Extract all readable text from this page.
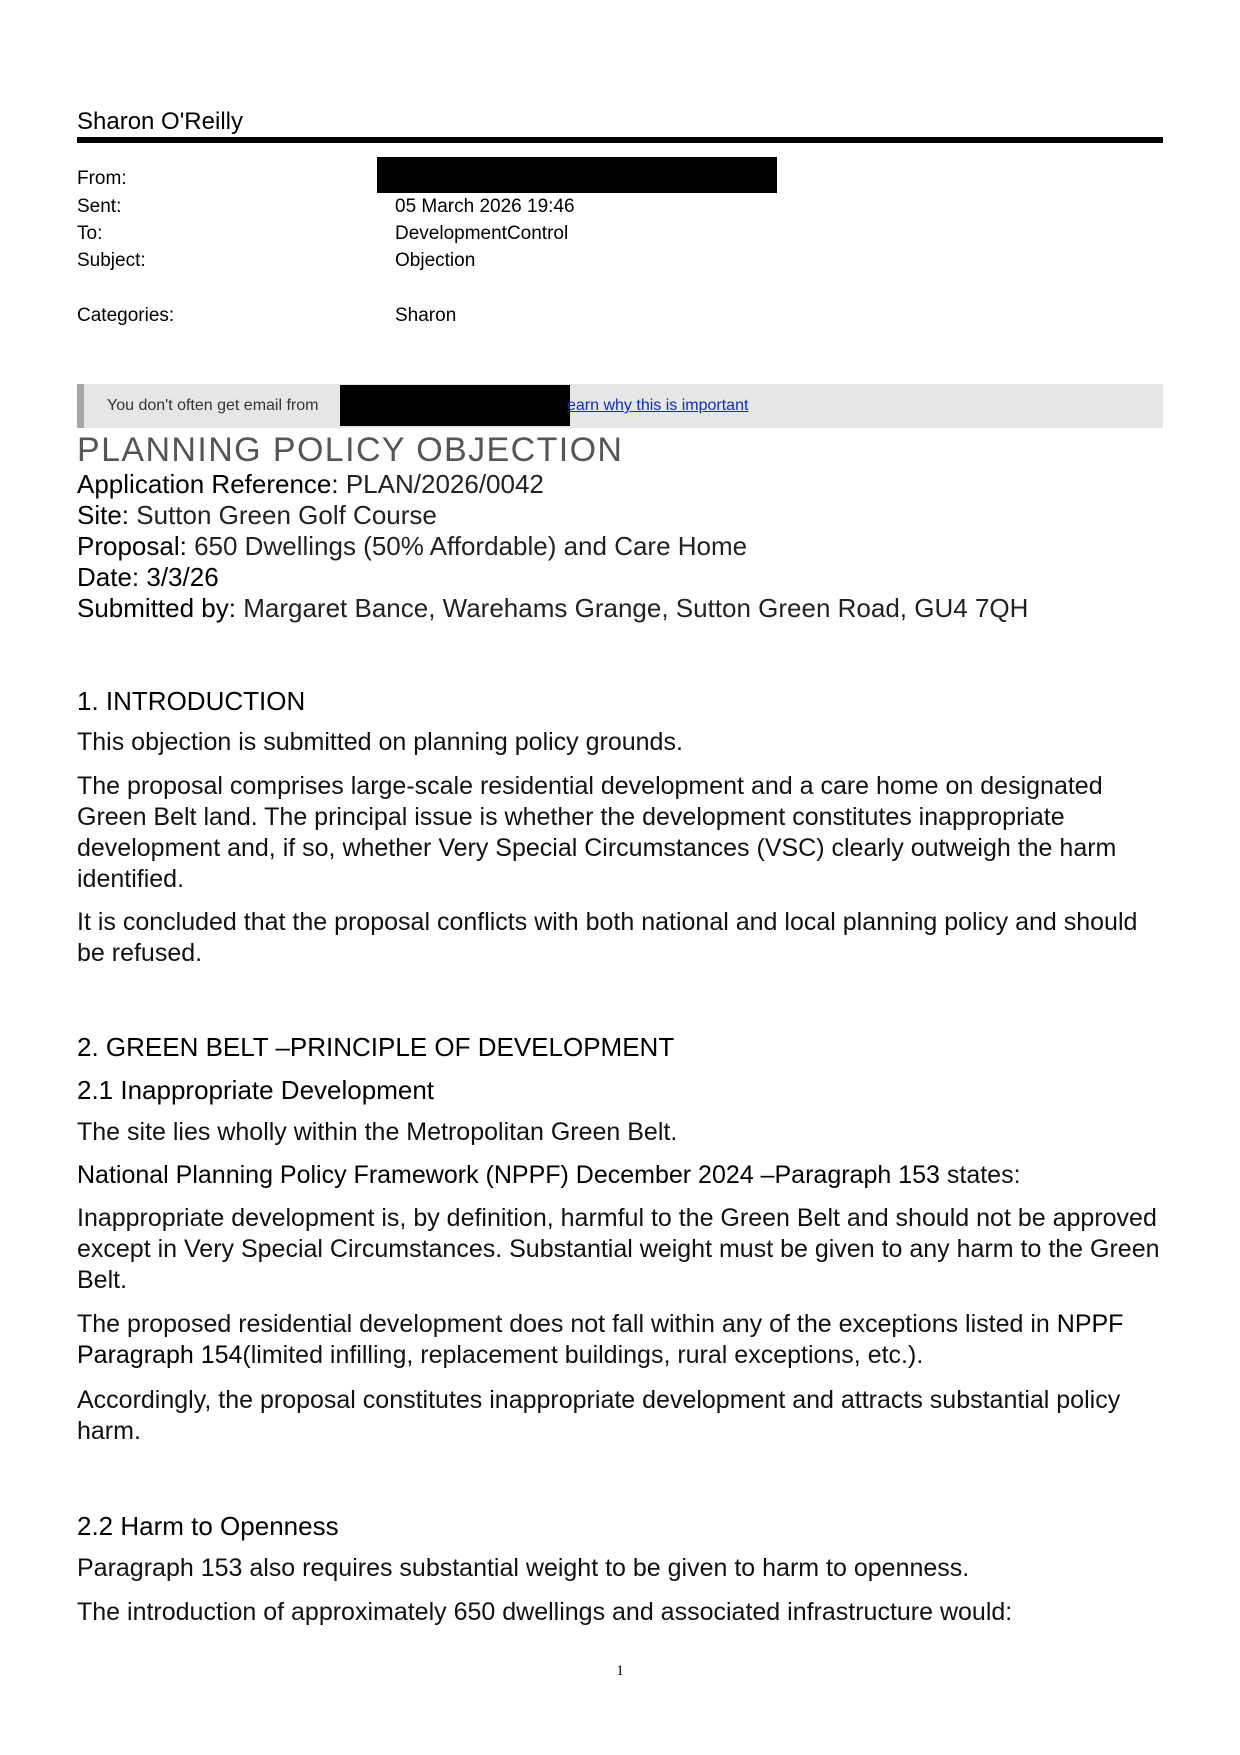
Sharon O'Reilly
From:
Sent:	05 March 2026 19:46
To:	DevelopmentControl
Subject:	Objection
Categories:	Sharon
You don't often get email from	earn why this is important
PLANNING POLICY OBJECTION
Application Reference: PLAN/2026/0042
Site: Sutton Green Golf Course
Proposal: 650 Dwellings (50% Affordable) and Care Home
Date: 3/3/26
Submitted by: Margaret Bance, Warehams Grange, Sutton Green Road, GU4 7QH
1. INTRODUCTION

This objection is submitted on planning policy grounds.

The proposal comprises large-scale residential development and a care home on designated Green Belt land. The principal issue is whether the development constitutes inappropriate development and, if so, whether Very Special Circumstances (VSC) clearly outweigh the harm identified.

It is concluded that the proposal conflicts with both national and local planning policy and should be refused.

2. GREEN BELT –PRINCIPLE OF DEVELOPMENT
2.1 Inappropriate Development

The site lies wholly within the Metropolitan Green Belt.

National Planning Policy Framework (NPPF) December 2024 –Paragraph 153 states:

Inappropriate development is, by definition, harmful to the Green Belt and should not be approved except in Very Special Circumstances. Substantial weight must be given to any harm to the Green Belt.

The proposed residential development does not fall within any of the exceptions listed in NPPF Paragraph 154(limited infilling, replacement buildings, rural exceptions, etc.).

Accordingly, the proposal constitutes inappropriate development and attracts substantial policy harm.

2.2 Harm to Openness

Paragraph 153 also requires substantial weight to be given to harm to openness.

The introduction of approximately 650 dwellings and associated infrastructure would:

1
